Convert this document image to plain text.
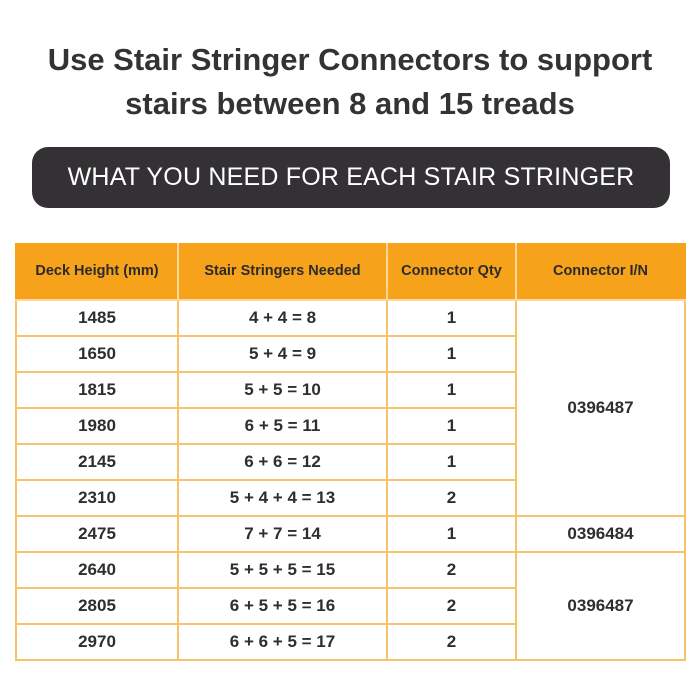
Use Stair Stringer Connectors to support
stairs between 8 and 15 treads
WHAT YOU NEED FOR EACH STAIR STRINGER
Deck Height (mm)	Stair Stringers Needed	Connector Qty	Connector I/N
1485	4 + 4 = 8	1	0396487
1650	5 + 4 = 9	1	
1815	5 + 5 = 10	1	
1980	6 + 5 = 11	1	
2145	6 + 6 = 12	1	
2310	5 + 4 + 4 = 13	2	
2475	7 + 7 = 14	1	0396484
2640	5 + 5 + 5 = 15	2	0396487
2805	6 + 5 + 5 = 16	2	
2970	6 + 6 + 5 = 17	2	
